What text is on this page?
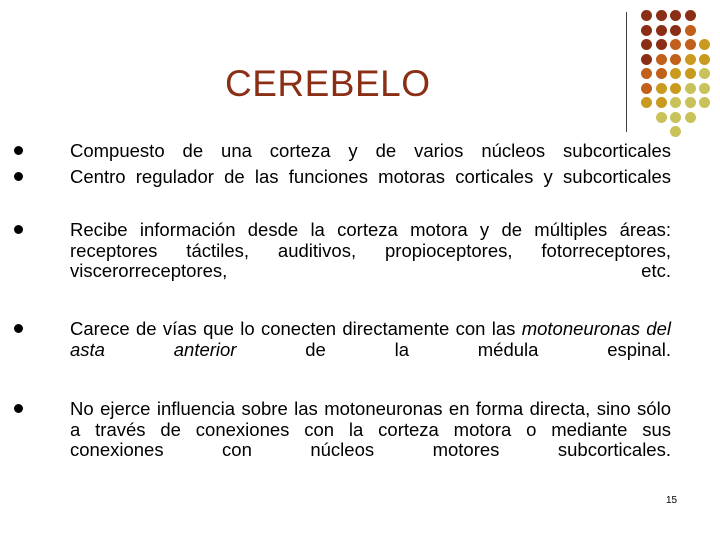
CEREBELO
Compuesto de una corteza y de varios núcleos subcorticales
Centro regulador de las funciones motoras corticales y subcorticales
Recibe información desde la corteza motora y de múltiples áreas: receptores táctiles, auditivos, propioceptores, fotorreceptores, viscerorreceptores, etc.
Carece de vías que lo conecten directamente con las motoneuronas del asta anterior	de la médula espinal.
No ejerce influencia sobre las motoneuronas en forma directa, sino sólo a través de conexiones con la corteza motora o mediante sus conexiones con núcleos motores subcorticales.
15
